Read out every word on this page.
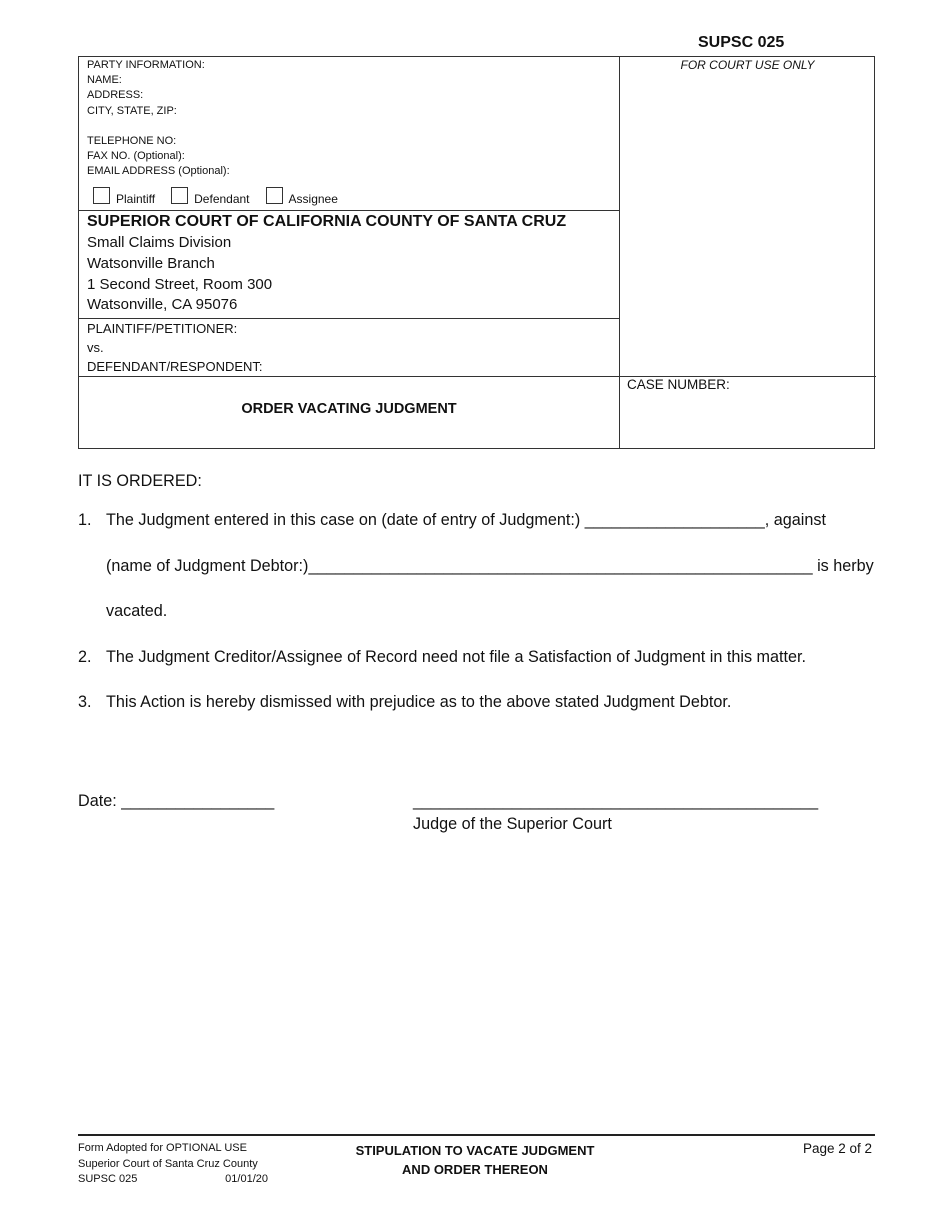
SUPSC 025
PARTY INFORMATION:
NAME:
ADDRESS:
CITY, STATE, ZIP:
TELEPHONE NO:
FAX NO. (Optional):
EMAIL ADDRESS (Optional):
Plaintiff	Defendant	Assignee
SUPERIOR COURT OF CALIFORNIA COUNTY OF SANTA CRUZ
Small Claims Division
Watsonville Branch
1 Second Street, Room 300
Watsonville, CA 95076
PLAINTIFF/PETITIONER:
vs.
DEFENDANT/RESPONDENT:
FOR COURT USE ONLY
CASE NUMBER:
ORDER VACATING JUDGMENT
IT IS ORDERED:
1. The Judgment entered in this case on (date of entry of Judgment:) ____________________, against
(name of Judgment Debtor:)________________________________________________________ is herby
vacated.
2. The Judgment Creditor/Assignee of Record need not file a Satisfaction of Judgment in this matter.
3. This Action is hereby dismissed with prejudice as to the above stated Judgment Debtor.
Date: _________________	_____________________________________________
Judge of the Superior Court
Form Adopted for OPTIONAL USE
Superior Court of Santa Cruz County
SUPSC 025	01/01/20
STIPULATION TO VACATE JUDGMENT
AND ORDER THEREON
Page 2 of 2
